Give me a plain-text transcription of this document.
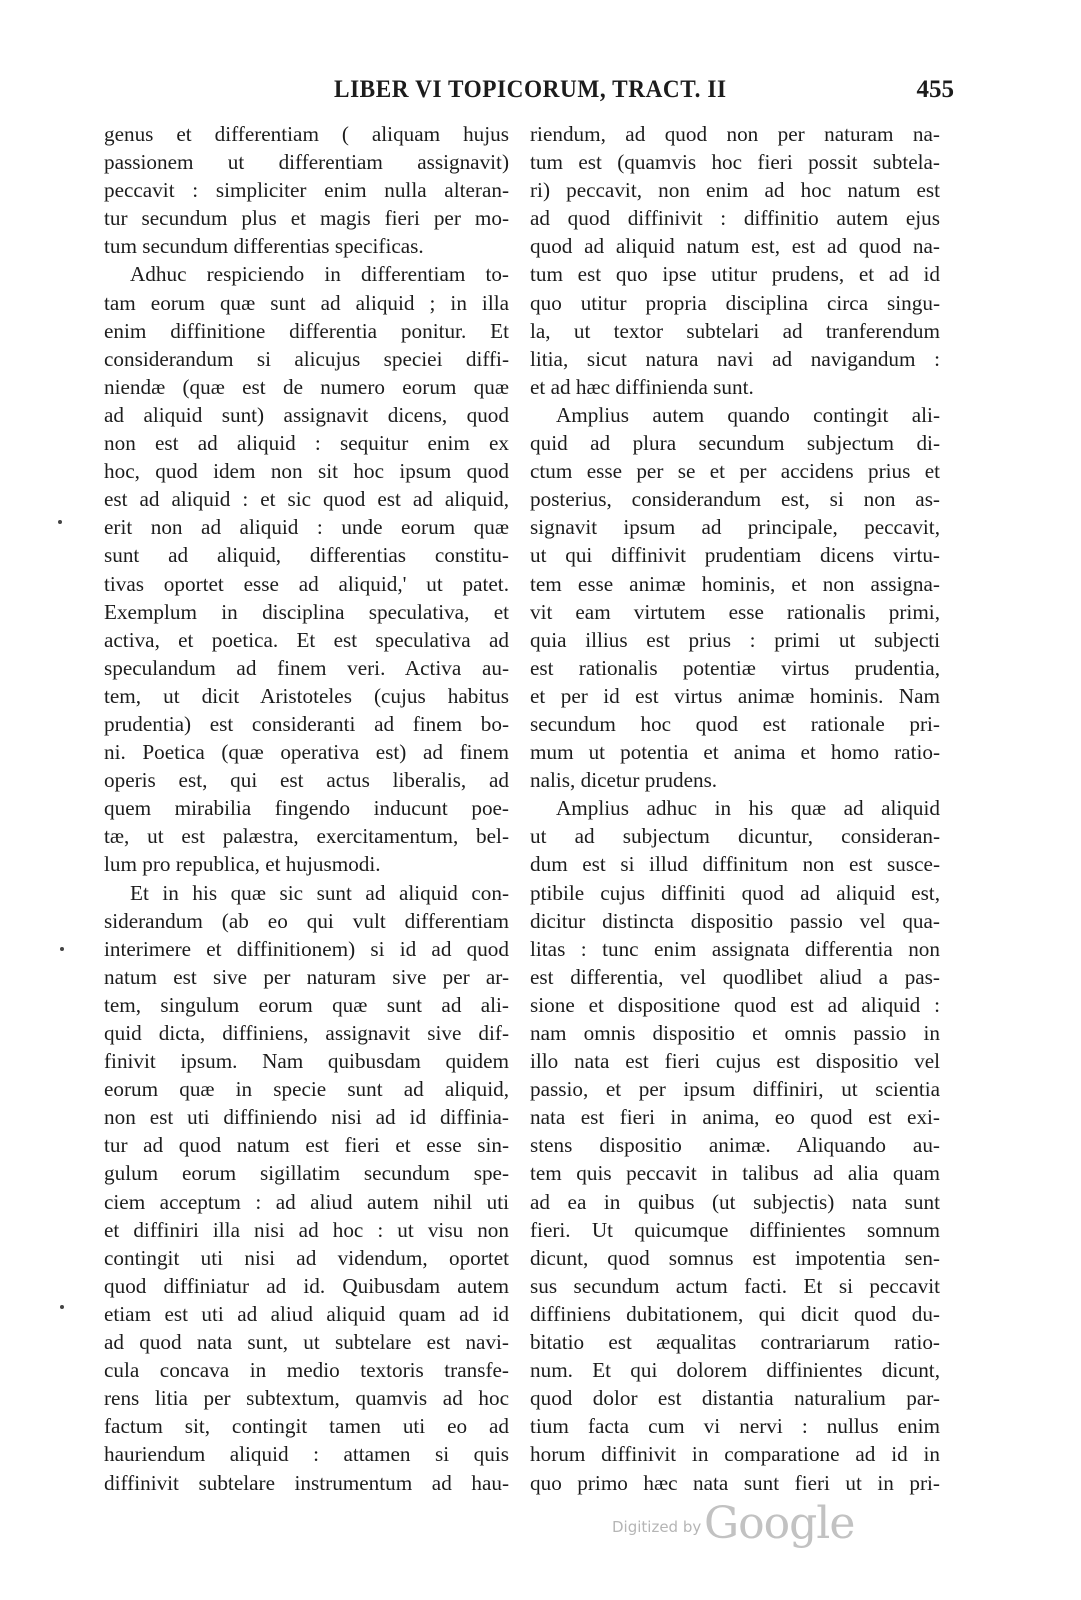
LIBER VI TOPICORUM, TRACT. II	455
genus et differentiam ( aliquam hujus
passionem ut differentiam assignavit)
peccavit : simpliciter enim nulla alteran-
tur secundum plus et magis fieri per mo-
tum secundum differentias specificas.
Adhuc respiciendo in differentiam to-
tam eorum quæ sunt ad aliquid ; in illa
enim diffinitione differentia ponitur. Et
considerandum si alicujus speciei diffi-
niendæ (quæ est de numero eorum quæ
ad aliquid sunt) assignavit dicens, quod
non est ad aliquid : sequitur enim ex
hoc, quod idem non sit hoc ipsum quod
est ad aliquid : et sic quod est ad aliquid,
erit non ad aliquid : unde eorum quæ
sunt ad aliquid, differentias constitu-
tivas oportet esse ad aliquid,' ut patet.
Exemplum in disciplina speculativa, et
activa, et poetica. Et est speculativa ad
speculandum ad finem veri. Activa au-
tem, ut dicit Aristoteles (cujus habitus
prudentia) est consideranti ad finem bo-
ni. Poetica (quæ operativa est) ad finem
operis est, qui est actus liberalis, ad
quem mirabilia fingendo inducunt poe-
tæ, ut est palæstra, exercitamentum, bel-
lum pro republica, et hujusmodi.
Et in his quæ sic sunt ad aliquid con-
siderandum (ab eo qui vult differentiam
interimere et diffinitionem) si id ad quod
natum est sive per naturam sive per ar-
tem, singulum eorum quæ sunt ad ali-
quid dicta, diffiniens, assignavit sive dif-
finivit ipsum. Nam quibusdam quidem
eorum quæ in specie sunt ad aliquid,
non est uti diffiniendo nisi ad id diffinia-
tur ad quod natum est fieri et esse sin-
gulum eorum sigillatim secundum spe-
ciem acceptum : ad aliud autem nihil uti
et diffiniri illa nisi ad hoc : ut visu non
contingit uti nisi ad videndum, oportet
quod diffiniatur ad id. Quibusdam autem
etiam est uti ad aliud aliquid quam ad id
ad quod nata sunt, ut subtelare est navi-
cula concava in medio textoris transfe-
rens litia per subtextum, quamvis ad hoc
factum sit, contingit tamen uti eo ad
hauriendum aliquid : attamen si quis
diffinivit subtelare instrumentum ad hau-
riendum, ad quod non per naturam na-
tum est (quamvis hoc fieri possit subtela-
ri) peccavit, non enim ad hoc natum est
ad quod diffinivit : diffinitio autem ejus
quod ad aliquid natum est, est ad quod na-
tum est quo ipse utitur prudens, et ad id
quo utitur propria disciplina circa singu-
la, ut textor subtelari ad tranferendum
litia, sicut natura navi ad navigandum :
et ad hæc diffinienda sunt.
Amplius autem quando contingit ali-
quid ad plura secundum subjectum di-
ctum esse per se et per accidens prius et
posterius, considerandum est, si non as-
signavit ipsum ad principale, peccavit,
ut qui diffinivit prudentiam dicens virtu-
tem esse animæ hominis, et non assigna-
vit eam virtutem esse rationalis primi,
quia illius est prius : primi ut subjecti
est rationalis potentiæ virtus prudentia,
et per id est virtus animæ hominis. Nam
secundum hoc quod est rationale pri-
mum ut potentia et anima et homo ratio-
nalis, dicetur prudens.
Amplius adhuc in his quæ ad aliquid
ut ad subjectum dicuntur, consideran-
dum est si illud diffinitum non est susce-
ptibile cujus diffiniti quod ad aliquid est,
dicitur distincta dispositio passio vel qua-
litas : tunc enim assignata differentia non
est differentia, vel quodlibet aliud a pas-
sione et dispositione quod est ad aliquid :
nam omnis dispositio et omnis passio in
illo nata est fieri cujus est dispositio vel
passio, et per ipsum diffiniri, ut scientia
nata est fieri in anima, eo quod est exi-
stens dispositio animæ. Aliquando au-
tem quis peccavit in talibus ad alia quam
ad ea in quibus (ut subjectis) nata sunt
fieri. Ut quicumque diffinientes somnum
dicunt, quod somnus est impotentia sen-
sus secundum actum facti. Et si peccavit
diffiniens dubitationem, qui dicit quod du-
bitatio est æqualitas contrariarum ratio-
num. Et qui dolorem diffinientes dicunt,
quod dolor est distantia naturalium par-
tium facta cum vi nervi : nullus enim
horum diffinivit in comparatione ad id in
quo primo hæc nata sunt fieri ut in pri-
Digitized by Google
